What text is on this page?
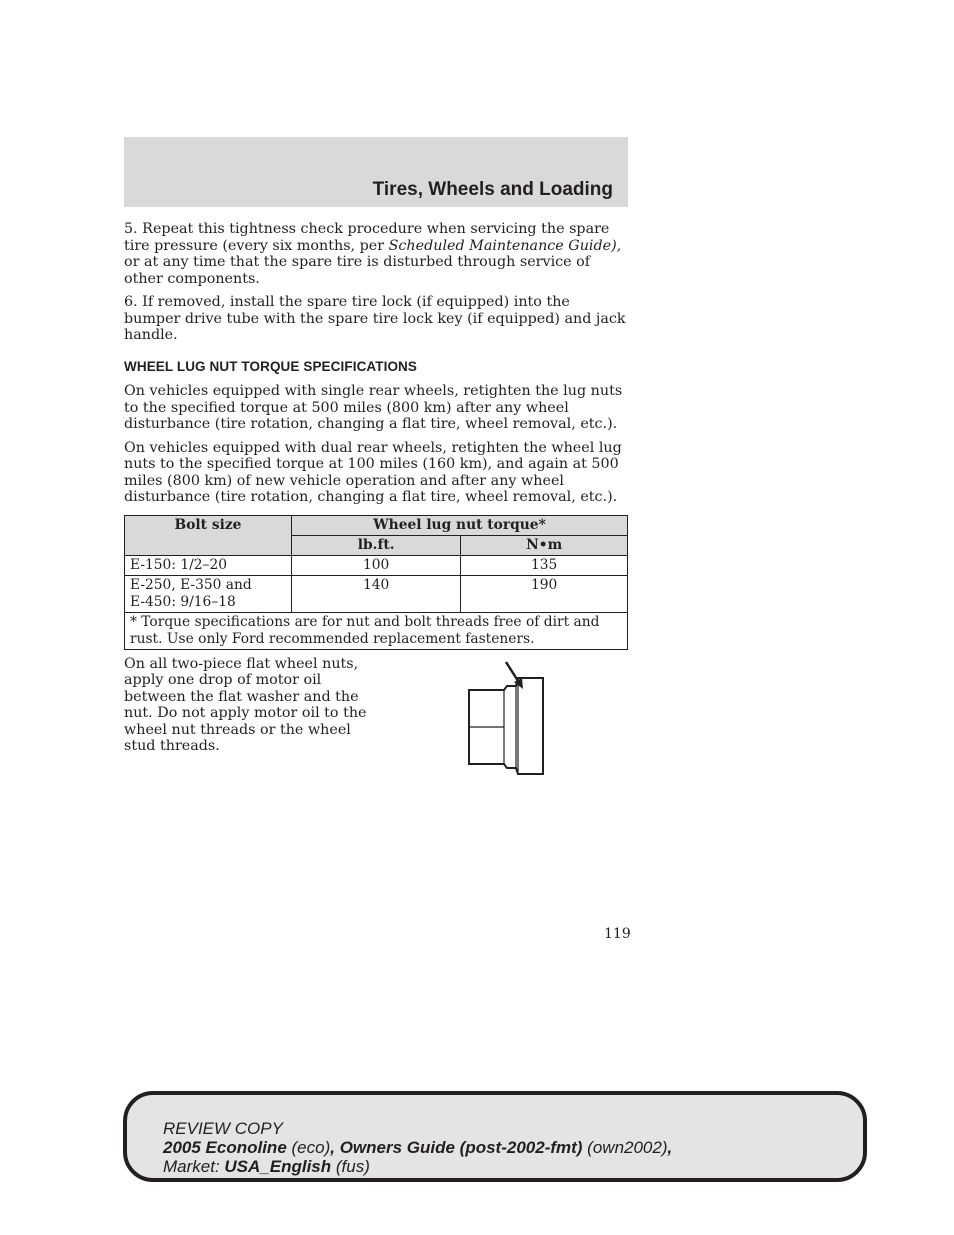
Tires, Wheels and Loading

5. Repeat this tightness check procedure when servicing the spare tire pressure (every six months, per Scheduled Maintenance Guide), or at any time that the spare tire is disturbed through service of other components.

6. If removed, install the spare tire lock (if equipped) into the bumper drive tube with the spare tire lock key (if equipped) and jack handle.

WHEEL LUG NUT TORQUE SPECIFICATIONS

On vehicles equipped with single rear wheels, retighten the lug nuts to the specified torque at 500 miles (800 km) after any wheel disturbance (tire rotation, changing a flat tire, wheel removal, etc.).

On vehicles equipped with dual rear wheels, retighten the wheel lug nuts to the specified torque at 100 miles (160 km), and again at 500 miles (800 km) of new vehicle operation and after any wheel disturbance (tire rotation, changing a flat tire, wheel removal, etc.).

Bolt size	Wheel lug nut torque*	
	lb.ft.	N•m
E-150: 1/2–20	100	135
E-250, E-350 and
E-450: 9/16–18	140	190
* Torque specifications are for nut and bolt threads free of dirt and rust. Use only Ford recommended replacement fasteners.		
On all two-piece flat wheel nuts, apply one drop of motor oil between the flat washer and the nut. Do not apply motor oil to the wheel nut threads or the wheel stud threads.
119
REVIEW COPY
2005 Econoline (eco), Owners Guide (post-2002-fmt) (own2002),
Market: USA_English (fus)
